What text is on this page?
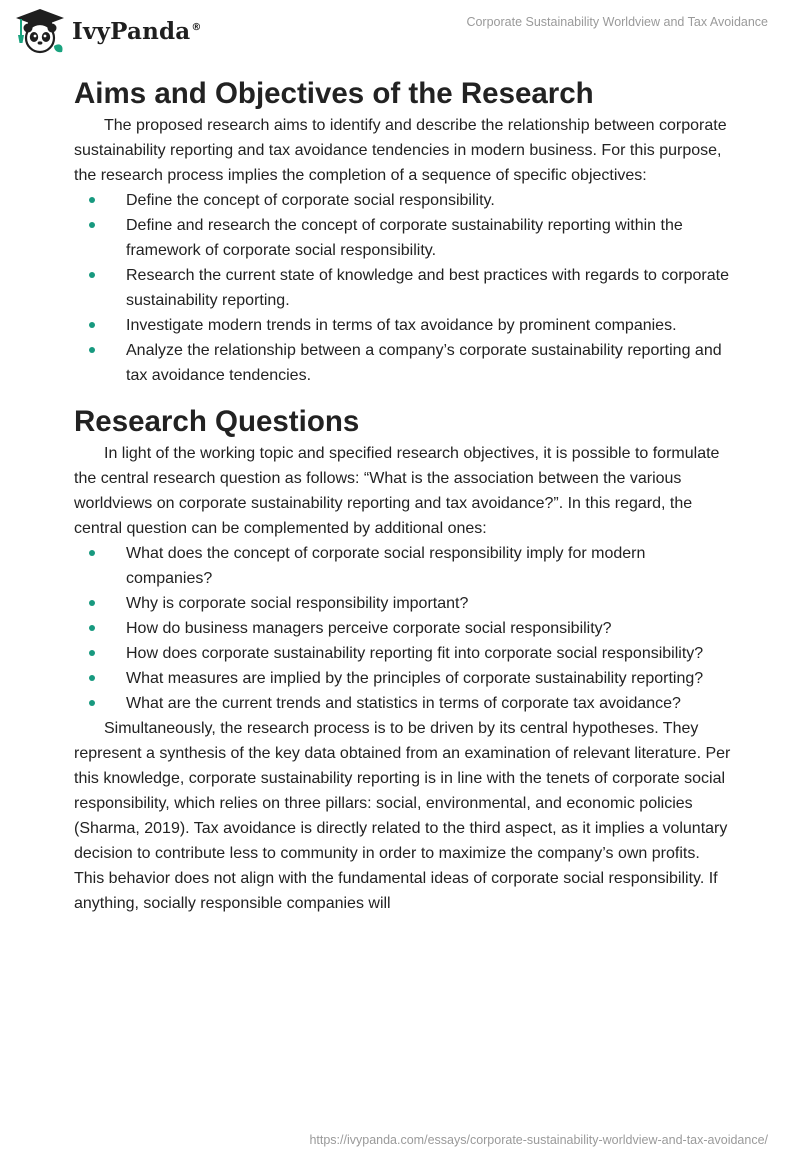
IvyPanda®	Corporate Sustainability Worldview and Tax Avoidance
Aims and Objectives of the Research

The proposed research aims to identify and describe the relationship between corporate sustainability reporting and tax avoidance tendencies in modern business. For this purpose, the research process implies the completion of a sequence of specific objectives:

Define the concept of corporate social responsibility.
Define and research the concept of corporate sustainability reporting within the framework of corporate social responsibility.
Research the current state of knowledge and best practices with regards to corporate sustainability reporting.
Investigate modern trends in terms of tax avoidance by prominent companies.
Analyze the relationship between a company’s corporate sustainability reporting and tax avoidance tendencies.
Research Questions

In light of the working topic and specified research objectives, it is possible to formulate the central research question as follows: “What is the association between the various worldviews on corporate sustainability reporting and tax avoidance?”. In this regard, the central question can be complemented by additional ones:

What does the concept of corporate social responsibility imply for modern companies?
Why is corporate social responsibility important?
How do business managers perceive corporate social responsibility?
How does corporate sustainability reporting fit into corporate social responsibility?
What measures are implied by the principles of corporate sustainability reporting?
What are the current trends and statistics in terms of corporate tax avoidance?

Simultaneously, the research process is to be driven by its central hypotheses. They represent a synthesis of the key data obtained from an examination of relevant literature. Per this knowledge, corporate sustainability reporting is in line with the tenets of corporate social responsibility, which relies on three pillars: social, environmental, and economic policies (Sharma, 2019). Tax avoidance is directly related to the third aspect, as it implies a voluntary decision to contribute less to community in order to maximize the company’s own profits. This behavior does not align with the fundamental ideas of corporate social responsibility. If anything, socially responsible companies will

https://ivypanda.com/essays/corporate-sustainability-worldview-and-tax-avoidance/
